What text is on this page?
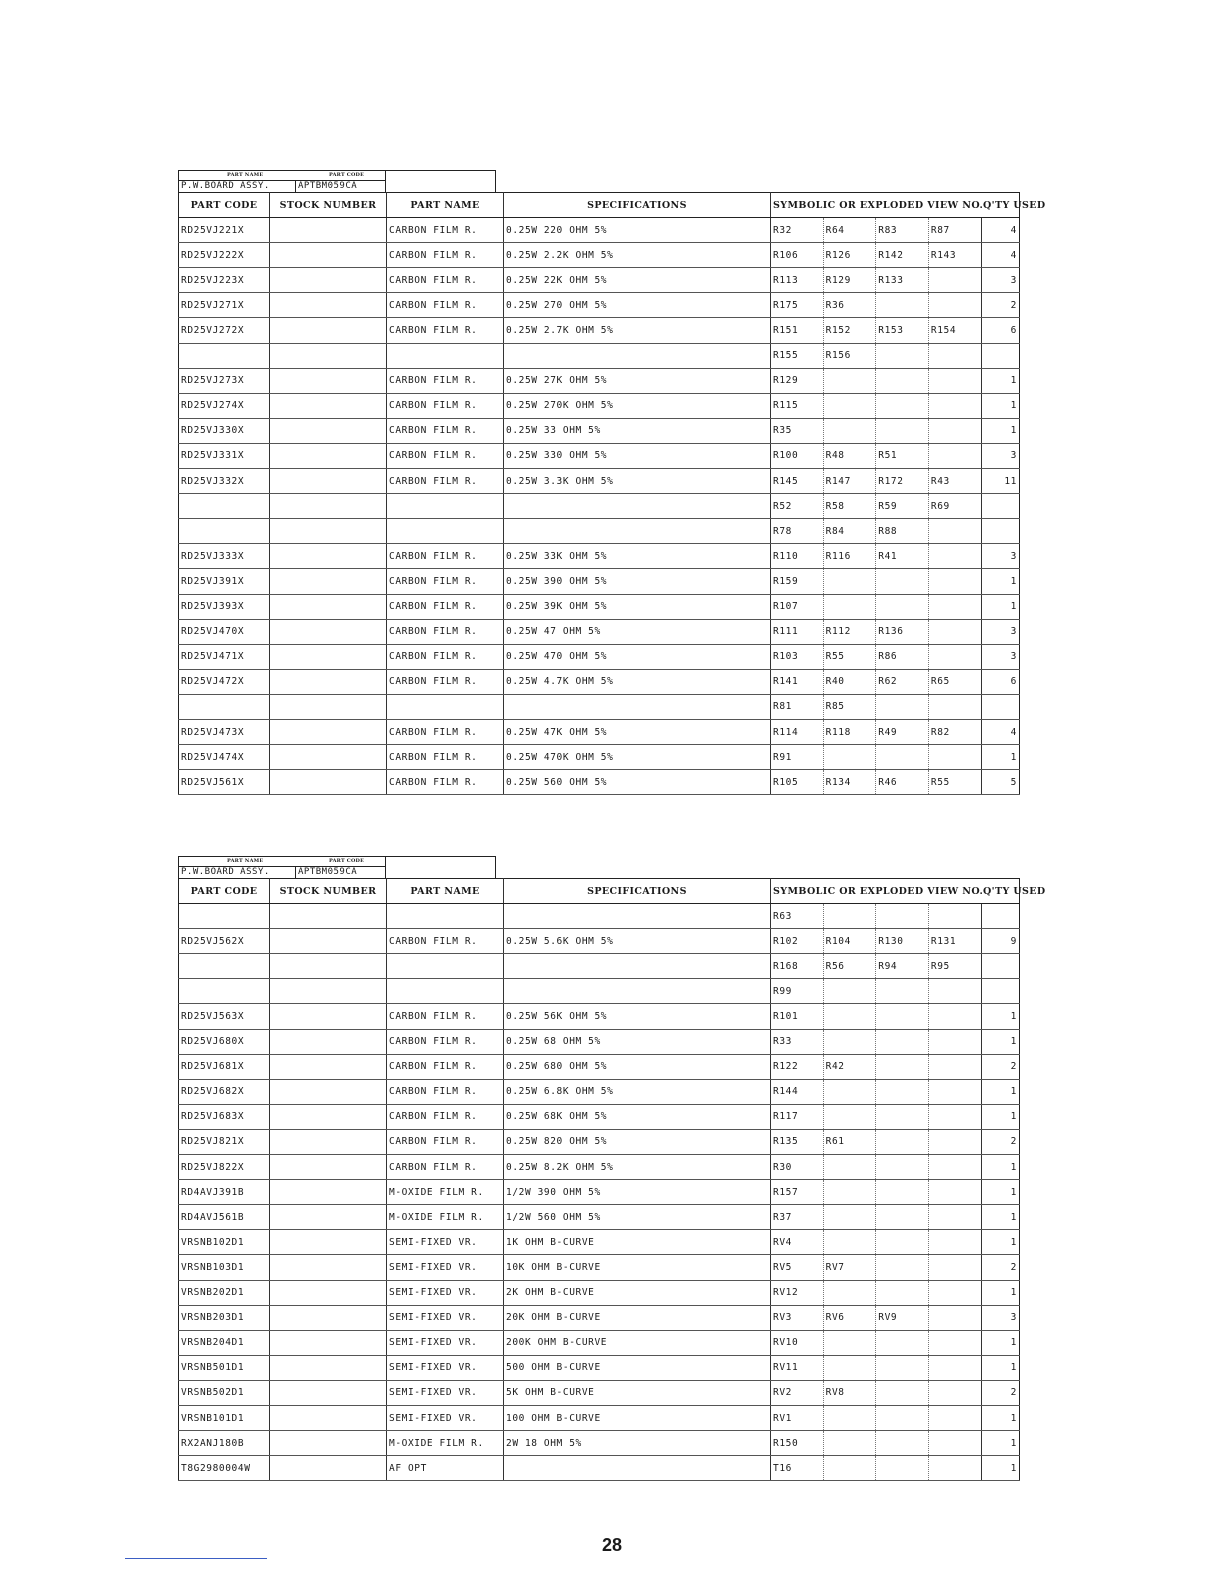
PART NAME	PART CODE
P.W.BOARD ASSY.	APTBM059CA
PART CODE	STOCK NUMBER	PART NAME	SPECIFICATIONS	SYMBOLIC OR EXPLODED VIEW NO.				Q'TY USED
RD25VJ221X		CARBON FILM R.	0.25W 220 OHM 5%	R32	R64	R83	R87	4
RD25VJ222X		CARBON FILM R.	0.25W 2.2K OHM 5%	R106	R126	R142	R143	4
RD25VJ223X		CARBON FILM R.	0.25W 22K OHM 5%	R113	R129	R133		3
RD25VJ271X		CARBON FILM R.	0.25W 270 OHM 5%	R175	R36			2
RD25VJ272X		CARBON FILM R.	0.25W 2.7K OHM 5%	R151	R152	R153	R154	6
				R155	R156			
RD25VJ273X		CARBON FILM R.	0.25W 27K OHM 5%	R129				1
RD25VJ274X		CARBON FILM R.	0.25W 270K OHM 5%	R115				1
RD25VJ330X		CARBON FILM R.	0.25W 33 OHM 5%	R35				1
RD25VJ331X		CARBON FILM R.	0.25W 330 OHM 5%	R100	R48	R51		3
RD25VJ332X		CARBON FILM R.	0.25W 3.3K OHM 5%	R145	R147	R172	R43	11
				R52	R58	R59	R69	
				R78	R84	R88		
RD25VJ333X		CARBON FILM R.	0.25W 33K OHM 5%	R110	R116	R41		3
RD25VJ391X		CARBON FILM R.	0.25W 390 OHM 5%	R159				1
RD25VJ393X		CARBON FILM R.	0.25W 39K OHM 5%	R107				1
RD25VJ470X		CARBON FILM R.	0.25W 47 OHM 5%	R111	R112	R136		3
RD25VJ471X		CARBON FILM R.	0.25W 470 OHM 5%	R103	R55	R86		3
RD25VJ472X		CARBON FILM R.	0.25W 4.7K OHM 5%	R141	R40	R62	R65	6
				R81	R85			
RD25VJ473X		CARBON FILM R.	0.25W 47K OHM 5%	R114	R118	R49	R82	4
RD25VJ474X		CARBON FILM R.	0.25W 470K OHM 5%	R91				1
RD25VJ561X		CARBON FILM R.	0.25W 560 OHM 5%	R105	R134	R46	R55	5
PART NAME	PART CODE
P.W.BOARD ASSY.	APTBM059CA
PART CODE	STOCK NUMBER	PART NAME	SPECIFICATIONS	SYMBOLIC OR EXPLODED VIEW NO.				Q'TY USED
				R63				
RD25VJ562X		CARBON FILM R.	0.25W 5.6K OHM 5%	R102	R104	R130	R131	9
				R168	R56	R94	R95	
				R99				
RD25VJ563X		CARBON FILM R.	0.25W 56K OHM 5%	R101				1
RD25VJ680X		CARBON FILM R.	0.25W 68 OHM 5%	R33				1
RD25VJ681X		CARBON FILM R.	0.25W 680 OHM 5%	R122	R42			2
RD25VJ682X		CARBON FILM R.	0.25W 6.8K OHM 5%	R144				1
RD25VJ683X		CARBON FILM R.	0.25W 68K OHM 5%	R117				1
RD25VJ821X		CARBON FILM R.	0.25W 820 OHM 5%	R135	R61			2
RD25VJ822X		CARBON FILM R.	0.25W 8.2K OHM 5%	R30				1
RD4AVJ391B		M-OXIDE FILM R.	1/2W 390 OHM 5%	R157				1
RD4AVJ561B		M-OXIDE FILM R.	1/2W 560 OHM 5%	R37				1
VRSNB102D1		SEMI-FIXED VR.	1K OHM B-CURVE	RV4				1
VRSNB103D1		SEMI-FIXED VR.	10K OHM B-CURVE	RV5	RV7			2
VRSNB202D1		SEMI-FIXED VR.	2K OHM B-CURVE	RV12				1
VRSNB203D1		SEMI-FIXED VR.	20K OHM B-CURVE	RV3	RV6	RV9		3
VRSNB204D1		SEMI-FIXED VR.	200K OHM B-CURVE	RV10				1
VRSNB501D1		SEMI-FIXED VR.	500 OHM B-CURVE	RV11				1
VRSNB502D1		SEMI-FIXED VR.	5K OHM B-CURVE	RV2	RV8			2
VRSNB101D1		SEMI-FIXED VR.	100 OHM B-CURVE	RV1				1
RX2ANJ180B		M-OXIDE FILM R.	2W 18 OHM 5%	R150				1
T8G2980004W		AF OPT		T16				1
28
